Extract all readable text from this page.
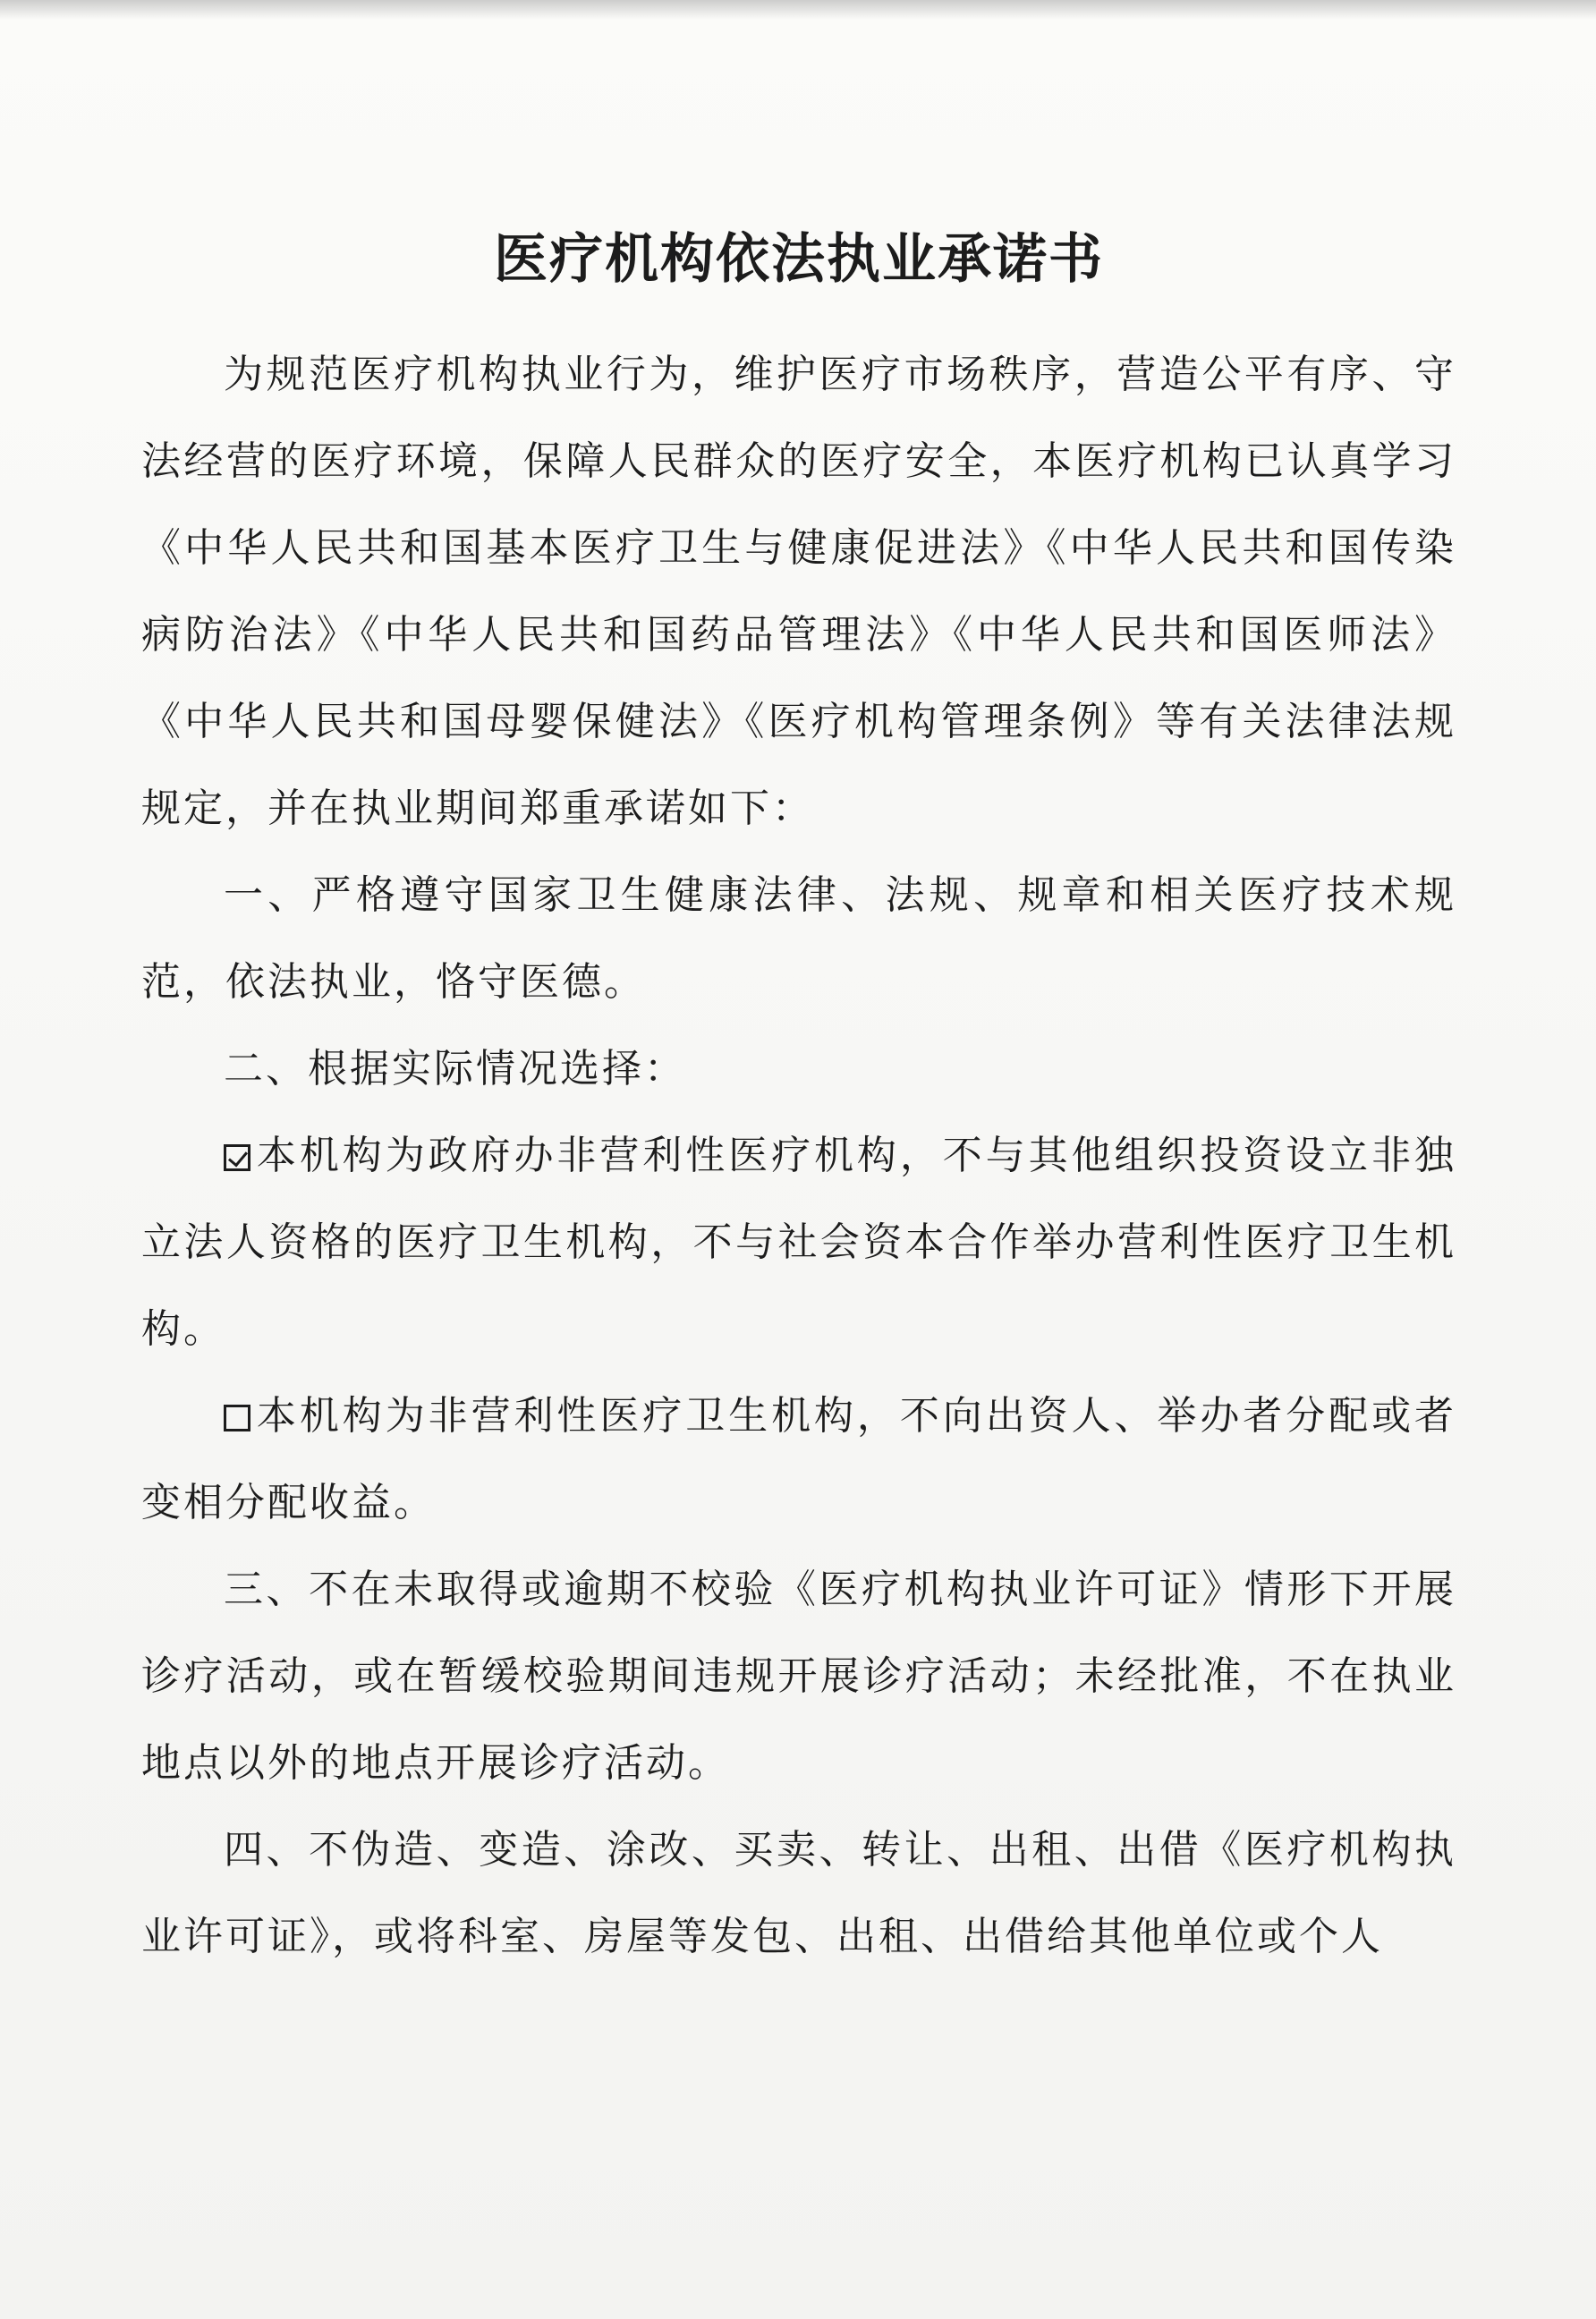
医疗机构依法执业承诺书

为规范医疗机构执业行为，维护医疗市场秩序，营造公平有序、守法经营的医疗环境，保障人民群众的医疗安全，本医疗机构已认真学习《中华人民共和国基本医疗卫生与健康促进法》《中华人民共和国传染病防治法》《中华人民共和国药品管理法》《中华人民共和国医师法》《中华人民共和国母婴保健法》《医疗机构管理条例》等有关法律法规规定，并在执业期间郑重承诺如下：

一、严格遵守国家卫生健康法律、法规、规章和相关医疗技术规范，依法执业，恪守医德。

二、根据实际情况选择：

本机构为政府办非营利性医疗机构，不与其他组织投资设立非独立法人资格的医疗卫生机构，不与社会资本合作举办营利性医疗卫生机构。

本机构为非营利性医疗卫生机构，不向出资人、举办者分配或者变相分配收益。

三、不在未取得或逾期不校验《医疗机构执业许可证》情形下开展诊疗活动，或在暂缓校验期间违规开展诊疗活动；未经批准，不在执业地点以外的地点开展诊疗活动。

四、不伪造、变造、涂改、买卖、转让、出租、出借《医疗机构执业许可证》，或将科室、房屋等发包、出租、出借给其他单位或个人
